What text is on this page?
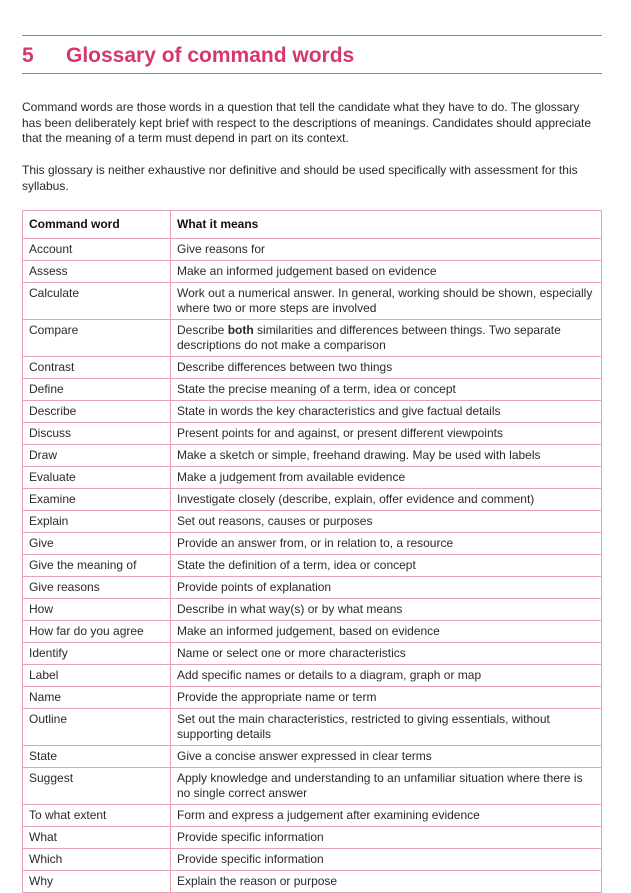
5	Glossary of command words

Command words are those words in a question that tell the candidate what they have to do. The glossary has been deliberately kept brief with respect to the descriptions of meanings. Candidates should appreciate that the meaning of a term must depend in part on its context.

This glossary is neither exhaustive nor definitive and should be used specifically with assessment for this syllabus.

Command word	What it means
Account	Give reasons for
Assess	Make an informed judgement based on evidence
Calculate	Work out a numerical answer. In general, working should be shown, especially where two or more steps are involved
Compare	Describe both similarities and differences between things. Two separate descriptions do not make a comparison
Contrast	Describe differences between two things
Define	State the precise meaning of a term, idea or concept
Describe	State in words the key characteristics and give factual details
Discuss	Present points for and against, or present different viewpoints
Draw	Make a sketch or simple, freehand drawing. May be used with labels
Evaluate	Make a judgement from available evidence
Examine	Investigate closely (describe, explain, offer evidence and comment)
Explain	Set out reasons, causes or purposes
Give	Provide an answer from, or in relation to, a resource
Give the meaning of	State the definition of a term, idea or concept
Give reasons	Provide points of explanation
How	Describe in what way(s) or by what means
How far do you agree	Make an informed judgement, based on evidence
Identify	Name or select one or more characteristics
Label	Add specific names or details to a diagram, graph or map
Name	Provide the appropriate name or term
Outline	Set out the main characteristics, restricted to giving essentials, without supporting details
State	Give a concise answer expressed in clear terms
Suggest	Apply knowledge and understanding to an unfamiliar situation where there is no single correct answer
To what extent	Form and express a judgement after examining evidence
What	Provide specific information
Which	Provide specific information
Why	Explain the reason or purpose
